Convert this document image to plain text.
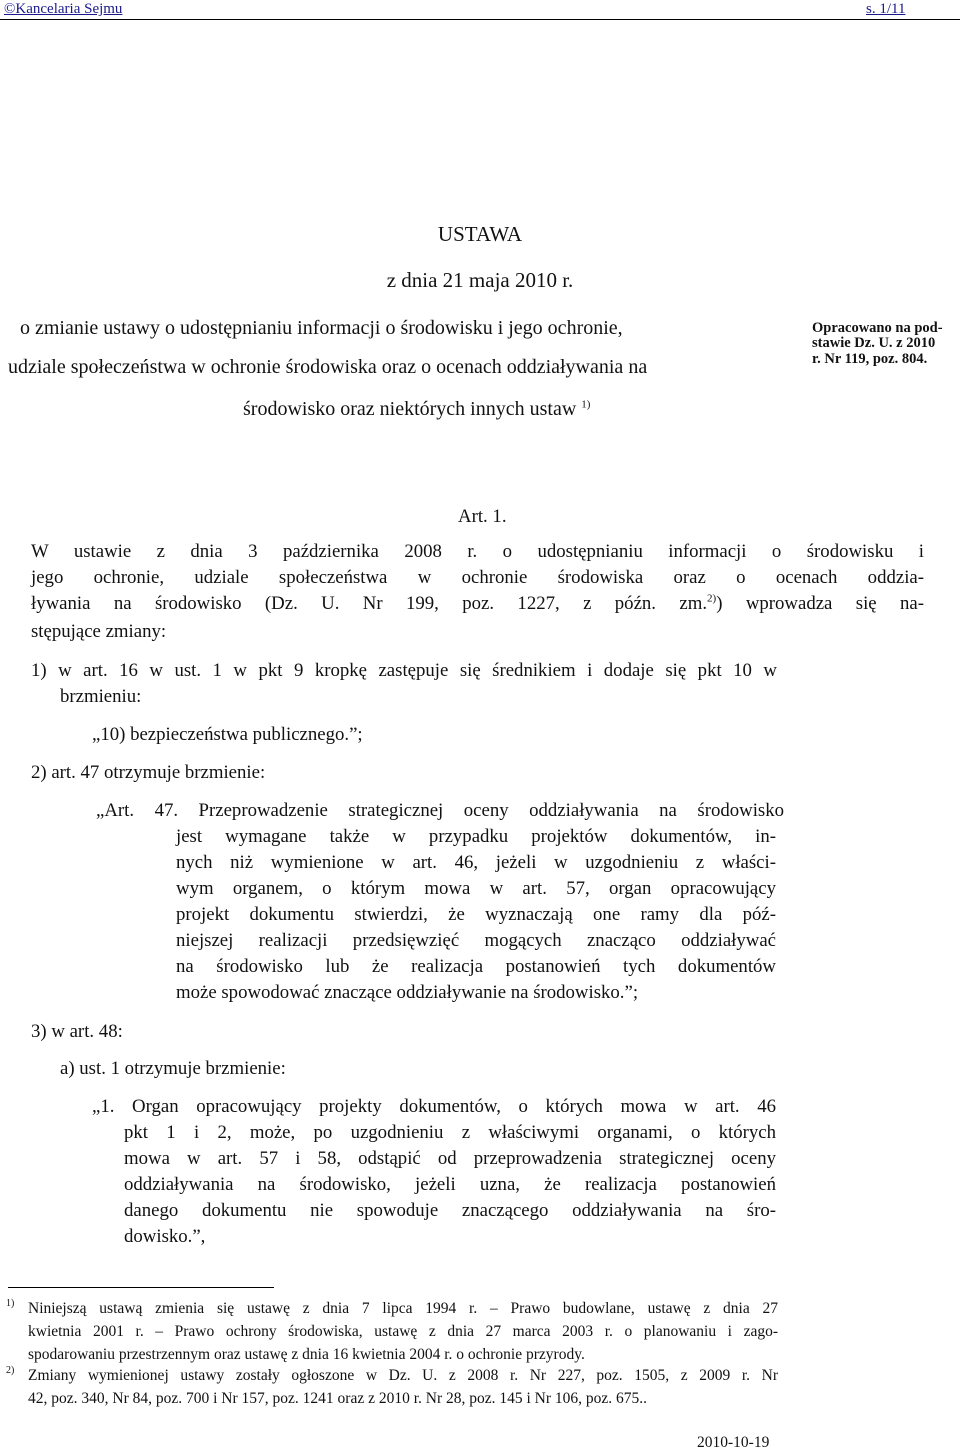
©Kancelaria Sejmu	s. 1/11
USTAWA
z dnia 21 maja 2010 r.
o zmianie ustawy o udostępnianiu informacji o środowisku i jego ochronie,
udziale społeczeństwa w ochronie środowiska oraz o ocenach oddziaływania na
środowisko oraz niektórych innych ustaw $^{1)}$
Opracowano na pod-
stawie Dz. U. z 2010
r. Nr 119, poz. 804.
Art. 1.
W ustawie z dnia 3 października 2008 r. o udostępnianiu informacji o środowisku i
jego ochronie, udziale społeczeństwa w ochronie środowiska oraz o ocenach oddzia-
ływania na środowisko (Dz. U. Nr 199, poz. 1227, z późn. zm.$^{2)}$) wprowadza się na-
stępujące zmiany:
1) w art. 16 w ust. 1 w pkt 9 kropkę zastępuje się średnikiem i dodaje się pkt 10 w
brzmieniu:
„10) bezpieczeństwa publicznego.”;
2) art. 47 otrzymuje brzmienie:
„Art. 47. Przeprowadzenie strategicznej oceny oddziaływania na środowisko
jest wymagane także w przypadku projektów dokumentów, in-
nych niż wymienione w art. 46, jeżeli w uzgodnieniu z właści-
wym organem, o którym mowa w art. 57, organ opracowujący
projekt dokumentu stwierdzi, że wyznaczają one ramy dla póź-
niejszej realizacji przedsięwzięć mogących znacząco oddziaływać
na środowisko lub że realizacja postanowień tych dokumentów
może spowodować znaczące oddziaływanie na środowisko.”;
3) w art. 48:
a) ust. 1 otrzymuje brzmienie:
„1. Organ opracowujący projekty dokumentów, o których mowa w art. 46
pkt 1 i 2, może, po uzgodnieniu z właściwymi organami, o których
mowa w art. 57 i 58, odstąpić od przeprowadzenia strategicznej oceny
oddziaływania na środowisko, jeżeli uzna, że realizacja postanowień
danego dokumentu nie spowoduje znaczącego oddziaływania na śro-
dowisko.”,
$^{1)}$ Niniejszą ustawą zmienia się ustawę z dnia 7 lipca 1994 r. – Prawo budowlane, ustawę z dnia 27
kwietnia 2001 r. – Prawo ochrony środowiska, ustawę z dnia 27 marca 2003 r. o planowaniu i zago-
spodarowaniu przestrzennym oraz ustawę z dnia 16 kwietnia 2004 r. o ochronie przyrody.
$^{2)}$ Zmiany wymienionej ustawy zostały ogłoszone w Dz. U. z 2008 r. Nr 227, poz. 1505, z 2009 r. Nr
42, poz. 340, Nr 84, poz. 700 i Nr 157, poz. 1241 oraz z 2010 r. Nr 28, poz. 145 i Nr 106, poz. 675..
2010-10-19
